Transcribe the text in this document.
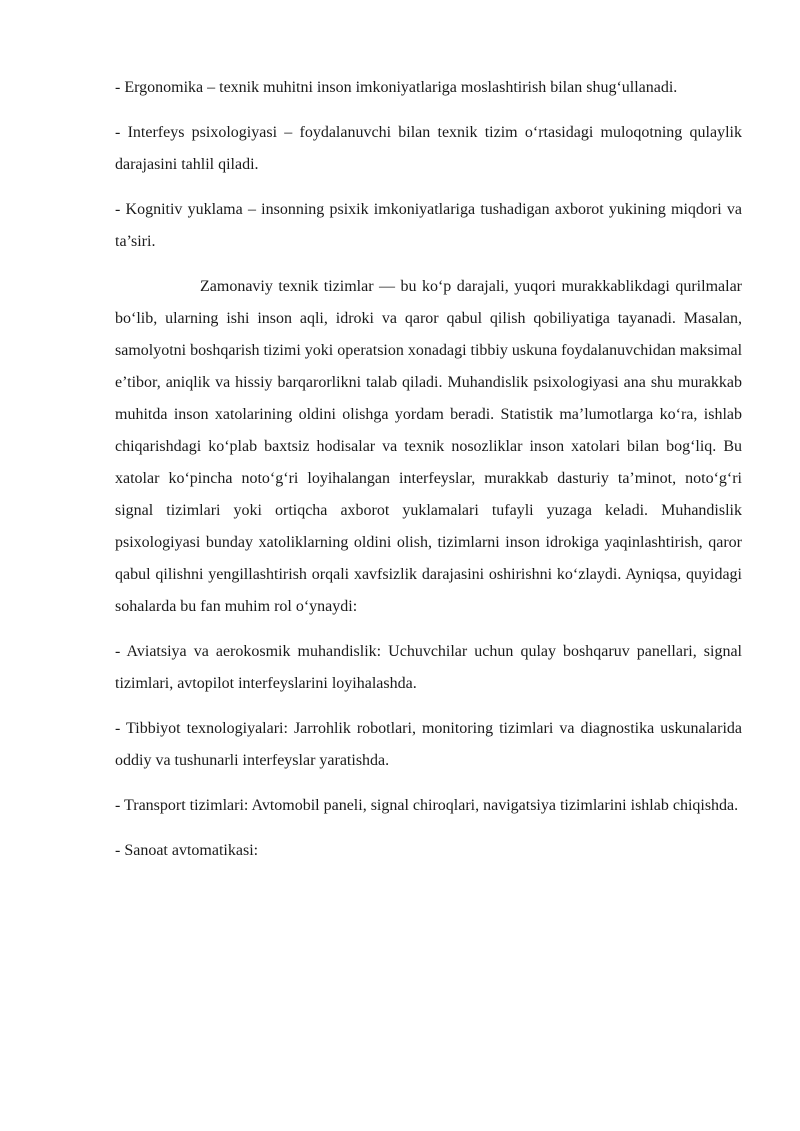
- Ergonomika – texnik muhitni inson imkoniyatlariga moslashtirish bilan shug‘ullanadi.

- Interfeys psixologiyasi – foydalanuvchi bilan texnik tizim o‘rtasidagi muloqotning qulaylik darajasini tahlil qiladi.

- Kognitiv yuklama – insonning psixik imkoniyatlariga tushadigan axborot yukining miqdori va ta’siri.

Zamonaviy texnik tizimlar — bu ko‘p darajali, yuqori murakkablikdagi qurilmalar bo‘lib, ularning ishi inson aqli, idroki va qaror qabul qilish qobiliyatiga tayanadi. Masalan, samolyotni boshqarish tizimi yoki operatsion xonadagi tibbiy uskuna foydalanuvchidan maksimal e’tibor, aniqlik va hissiy barqarorlikni talab qiladi. Muhandislik psixologiyasi ana shu murakkab muhitda inson xatolarining oldini olishga yordam beradi. Statistik ma’lumotlarga ko‘ra, ishlab chiqarishdagi ko‘plab baxtsiz hodisalar va texnik nosozliklar inson xatolari bilan bog‘liq. Bu xatolar ko‘pincha noto‘g‘ri loyihalangan interfeyslar, murakkab dasturiy ta’minot, noto‘g‘ri signal tizimlari yoki ortiqcha axborot yuklamalari tufayli yuzaga keladi. Muhandislik psixologiyasi bunday xatoliklarning oldini olish, tizimlarni inson idrokiga yaqinlashtirish, qaror qabul qilishni yengillashtirish orqali xavfsizlik darajasini oshirishni ko‘zlaydi. Ayniqsa, quyidagi sohalarda bu fan muhim rol o‘ynaydi:

- Aviatsiya va aerokosmik muhandislik: Uchuvchilar uchun qulay boshqaruv panellari, signal tizimlari, avtopilot interfeyslarini loyihalashda.

- Tibbiyot texnologiyalari: Jarrohlik robotlari, monitoring tizimlari va diagnostika uskunalarida oddiy va tushunarli interfeyslar yaratishda.

- Transport tizimlari: Avtomobil paneli, signal chiroqlari, navigatsiya tizimlarini ishlab chiqishda.

- Sanoat avtomatikasi:
